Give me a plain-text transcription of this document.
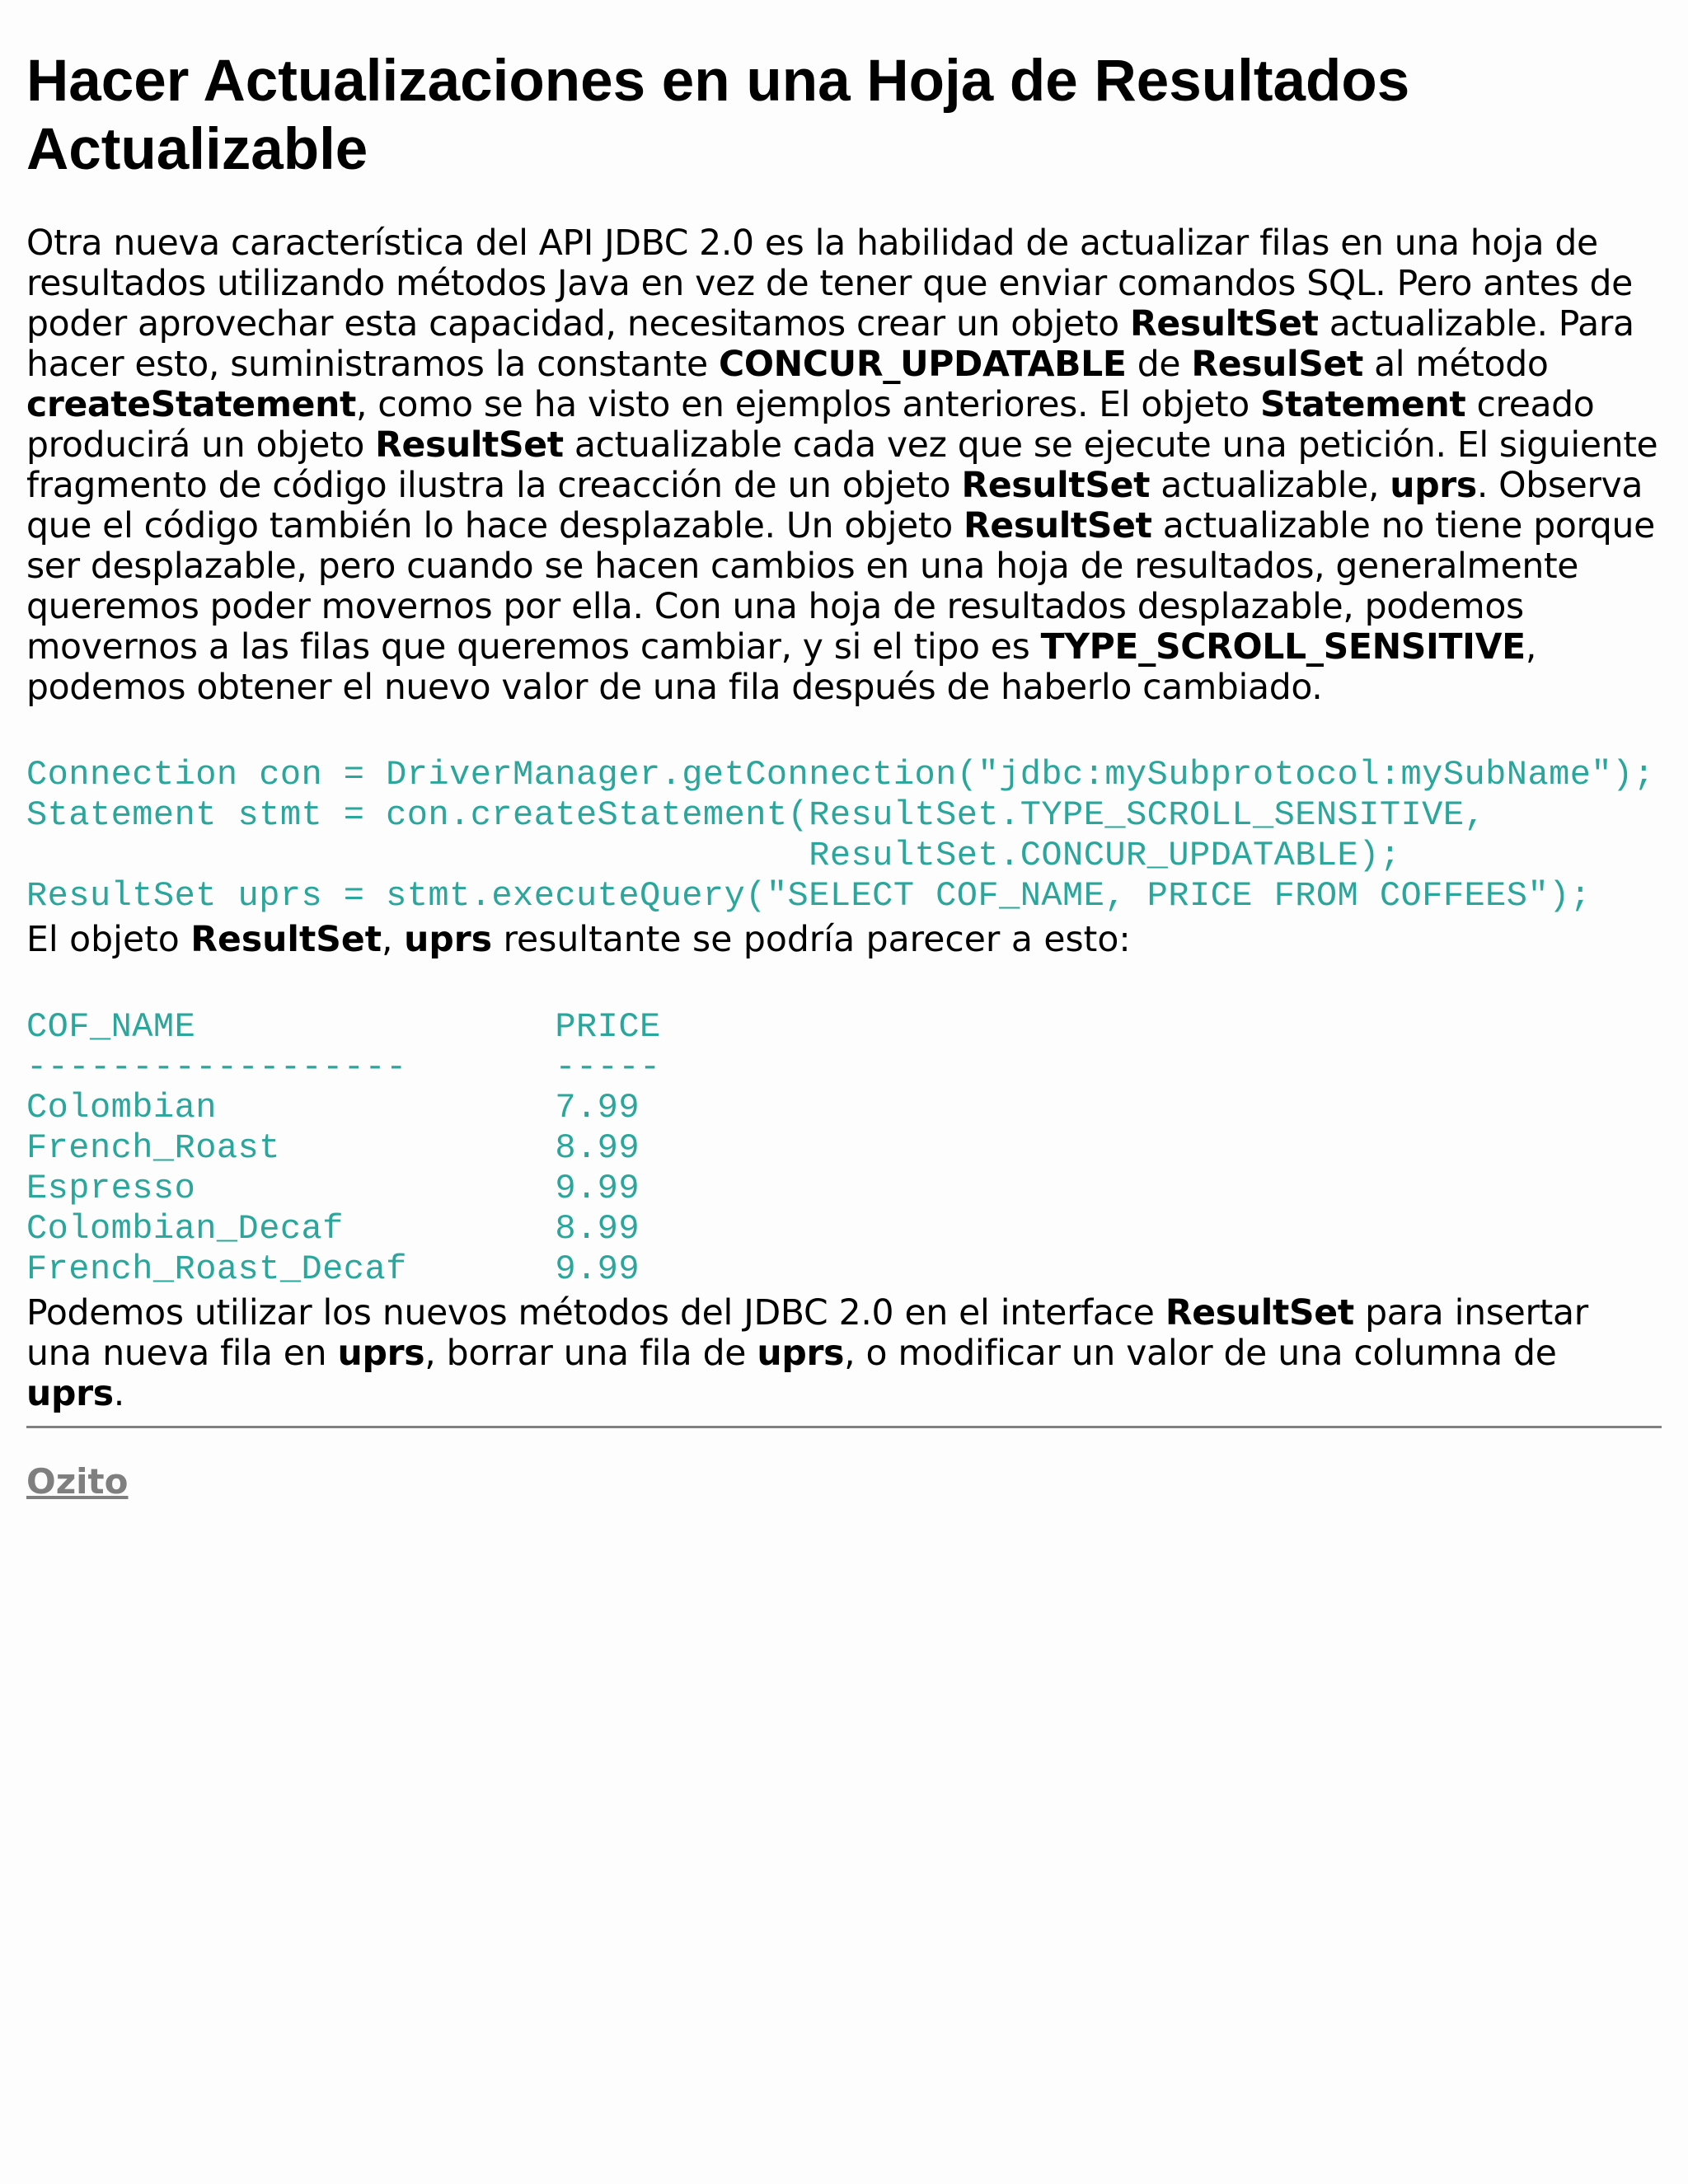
Hacer Actualizaciones en una Hoja de Resultados Actualizable

Otra nueva característica del API JDBC 2.0 es la habilidad de actualizar filas en una hoja de resultados utilizando métodos Java en vez de tener que enviar comandos SQL. Pero antes de poder aprovechar esta capacidad, necesitamos crear un objeto ResultSet actualizable. Para hacer esto, suministramos la constante CONCUR_UPDATABLE de ResulSet al método createStatement, como se ha visto en ejemplos anteriores. El objeto Statement creado producirá un objeto ResultSet actualizable cada vez que se ejecute una petición. El siguiente fragmento de código ilustra la creacción de un objeto ResultSet actualizable, uprs. Observa que el código también lo hace desplazable. Un objeto ResultSet actualizable no tiene porque ser desplazable, pero cuando se hacen cambios en una hoja de resultados, generalmente queremos poder movernos por ella. Con una hoja de resultados desplazable, podemos movernos a las filas que queremos cambiar, y si el tipo es TYPE_SCROLL_SENSITIVE, podemos obtener el nuevo valor de una fila después de haberlo cambiado.

Connection con = DriverManager.getConnection("jdbc:mySubprotocol:mySubName");
Statement stmt = con.createStatement(ResultSet.TYPE_SCROLL_SENSITIVE,
ResultSet.CONCUR_UPDATABLE);
ResultSet uprs = stmt.executeQuery("SELECT COF_NAME, PRICE FROM COFFEES");

El objeto ResultSet, uprs resultante se podría parecer a esto:

COF_NAME                 PRICE
------------------       -----
Colombian                7.99
French_Roast             8.99
Espresso                 9.99
Colombian_Decaf          8.99
French_Roast_Decaf       9.99

Podemos utilizar los nuevos métodos del JDBC 2.0 en el interface ResultSet para insertar una nueva fila en uprs, borrar una fila de uprs, o modificar un valor de una columna de uprs.

Ozito
